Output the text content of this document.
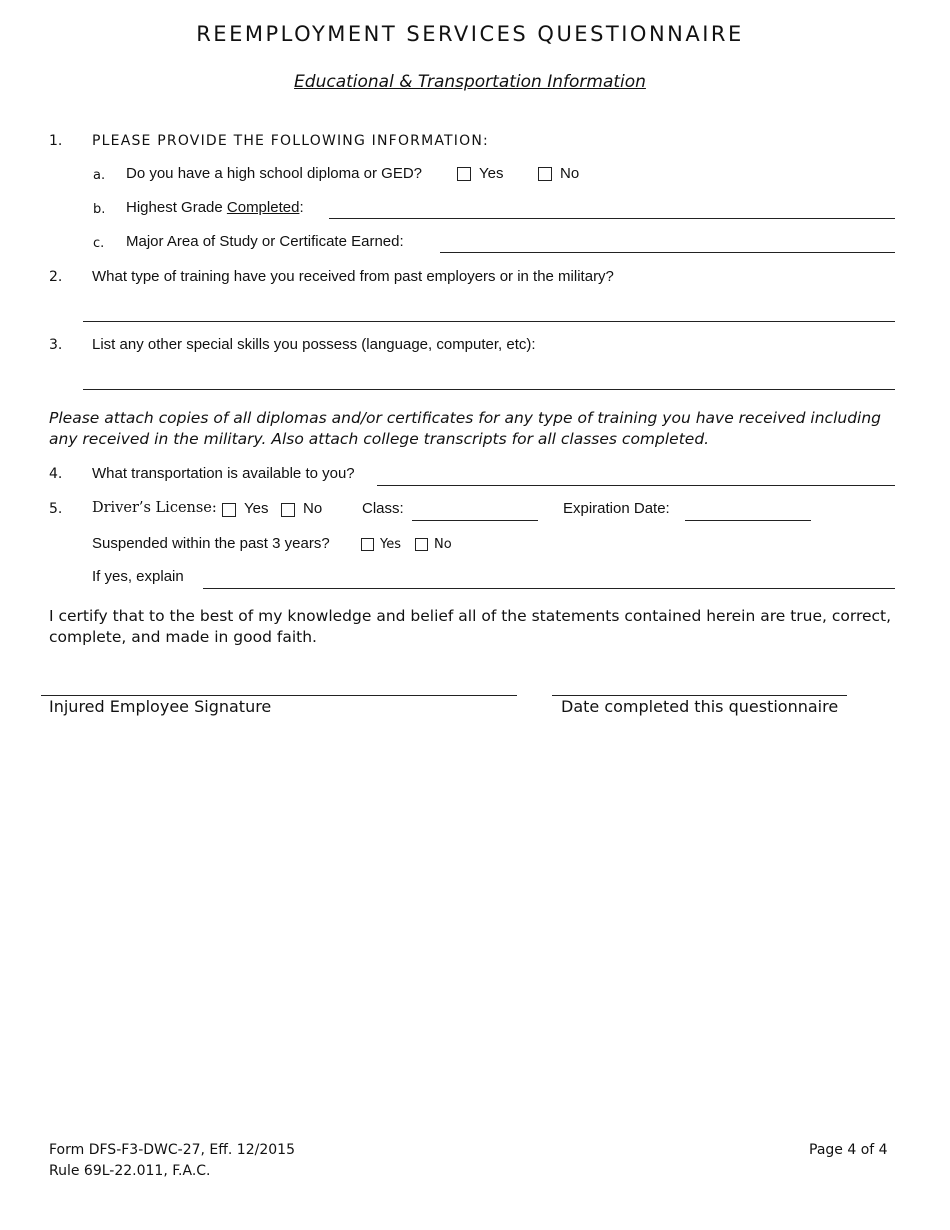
REEMPLOYMENT SERVICES QUESTIONNAIRE
Educational & Transportation Information
1. PLEASE PROVIDE THE FOLLOWING INFORMATION:
a. Do you have a high school diploma or GED?	Yes	No
b. Highest Grade Completed:
c. Major Area of Study or Certificate Earned:
2. What type of training have you received from past employers or in the military?
3. List any other special skills you possess (language, computer, etc):
Please attach copies of all diplomas and/or certificates for any type of training you have received including any received in the military. Also attach college transcripts for all classes completed.
4. What transportation is available to you?
5. Driver’s License: Yes No	Class:	Expiration Date:
Suspended within the past 3 years?	Yes	No
If yes, explain
I certify that to the best of my knowledge and belief all of the statements contained herein are true, correct, complete, and made in good faith.
Injured Employee Signature	Date completed this questionnaire
Form DFS-F3-DWC-27, Eff. 12/2015
Rule 69L-22.011, F.A.C.
Page 4 of 4
